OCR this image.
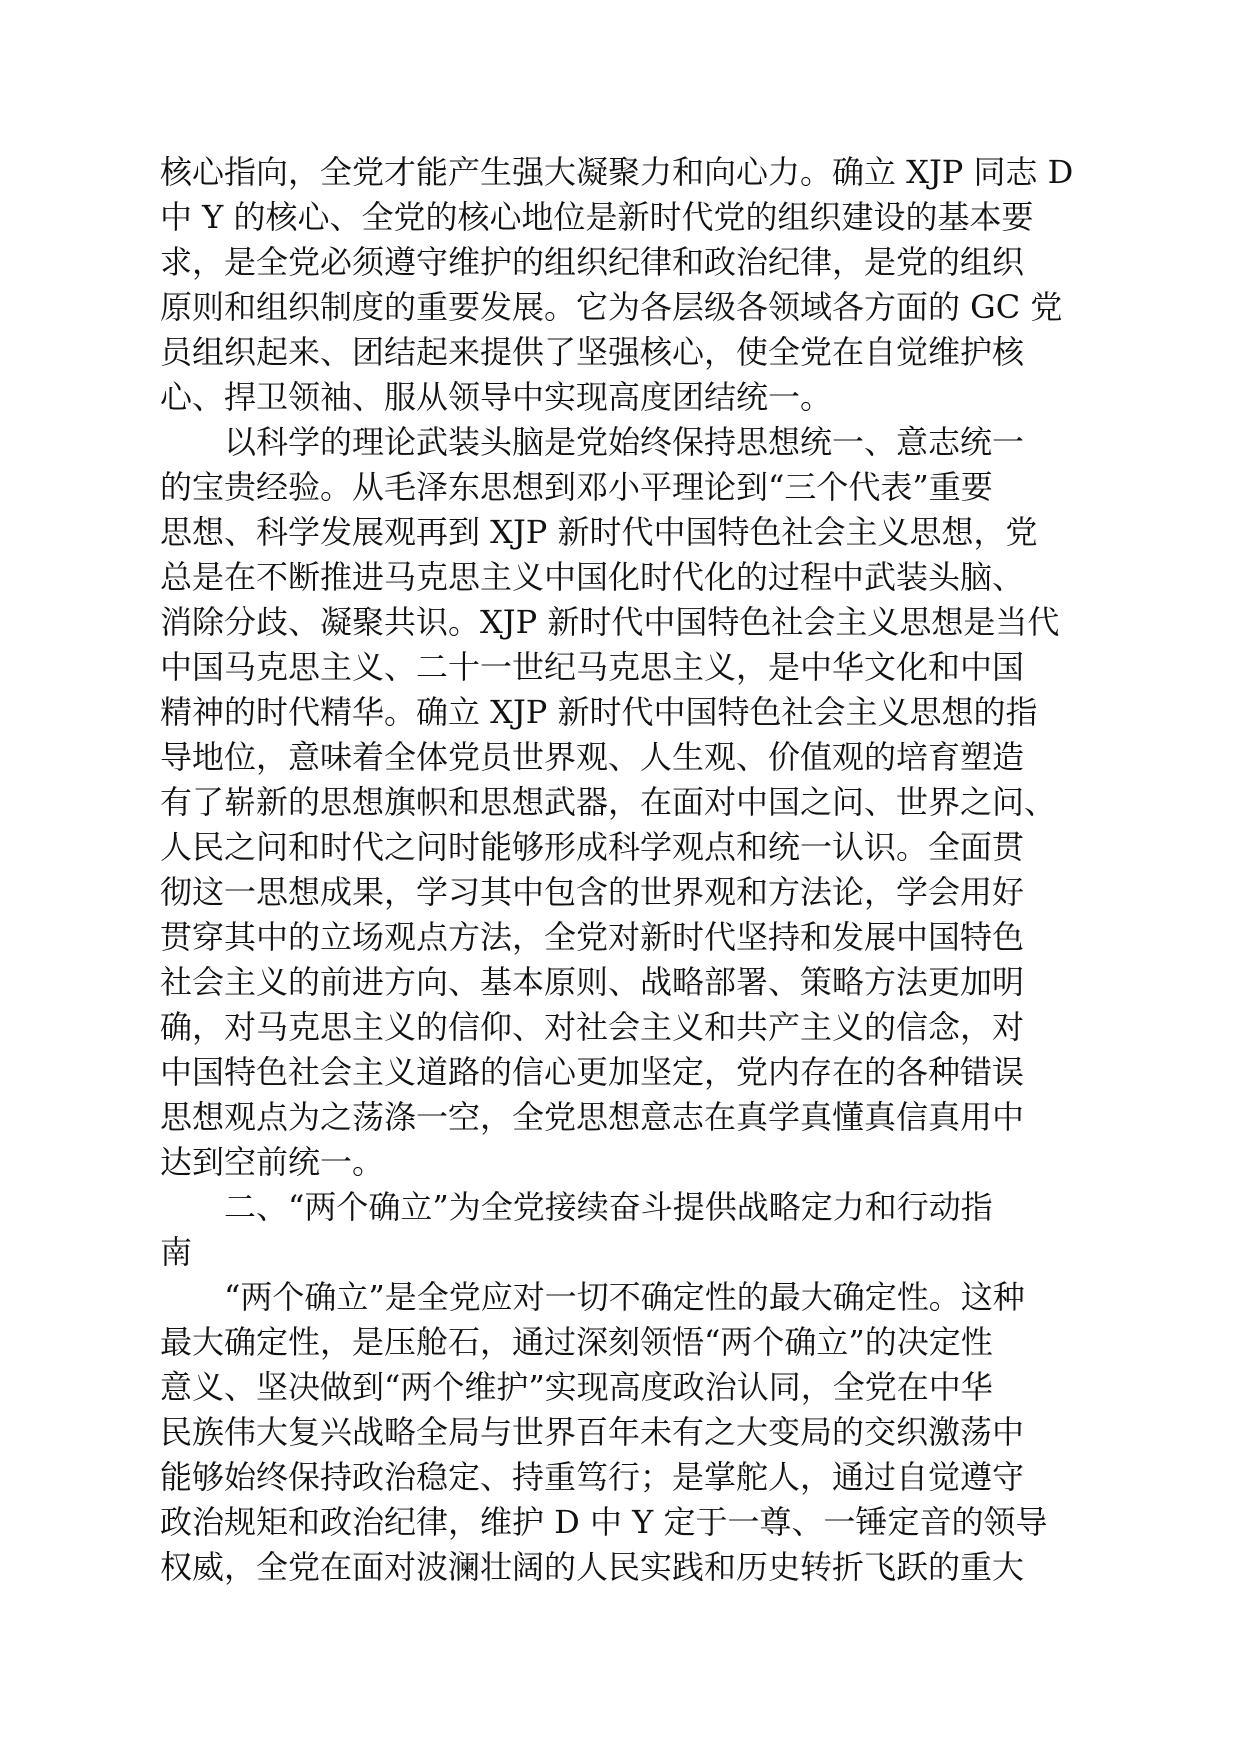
核心指向，全党才能产生强大凝聚力和向心力。确立 XJP 同志 D
中 Y 的核心、全党的核心地位是新时代党的组织建设的基本要
求，是全党必须遵守维护的组织纪律和政治纪律，是党的组织
原则和组织制度的重要发展。它为各层级各领域各方面的 GC 党
员组织起来、团结起来提供了坚强核心，使全党在自觉维护核
心、捍卫领袖、服从领导中实现高度团结统一。
以科学的理论武装头脑是党始终保持思想统一、意志统一
的宝贵经验。从毛泽东思想到邓小平理论到“三个代表”重要
思想、科学发展观再到 XJP 新时代中国特色社会主义思想，党
总是在不断推进马克思主义中国化时代化的过程中武装头脑、
消除分歧、凝聚共识。XJP 新时代中国特色社会主义思想是当代
中国马克思主义、二十一世纪马克思主义，是中华文化和中国
精神的时代精华。确立 XJP 新时代中国特色社会主义思想的指
导地位，意味着全体党员世界观、人生观、价值观的培育塑造
有了崭新的思想旗帜和思想武器，在面对中国之问、世界之问、
人民之问和时代之问时能够形成科学观点和统一认识。全面贯
彻这一思想成果，学习其中包含的世界观和方法论，学会用好
贯穿其中的立场观点方法，全党对新时代坚持和发展中国特色
社会主义的前进方向、基本原则、战略部署、策略方法更加明
确，对马克思主义的信仰、对社会主义和共产主义的信念，对
中国特色社会主义道路的信心更加坚定，党内存在的各种错误
思想观点为之荡涤一空，全党思想意志在真学真懂真信真用中
达到空前统一。
二、“两个确立”为全党接续奋斗提供战略定力和行动指
南
“两个确立”是全党应对一切不确定性的最大确定性。这种
最大确定性，是压舱石，通过深刻领悟“两个确立”的决定性
意义、坚决做到“两个维护”实现高度政治认同，全党在中华
民族伟大复兴战略全局与世界百年未有之大变局的交织激荡中
能够始终保持政治稳定、持重笃行；是掌舵人，通过自觉遵守
政治规矩和政治纪律，维护 D 中 Y 定于一尊、一锤定音的领导
权威，全党在面对波澜壮阔的人民实践和历史转折飞跃的重大
